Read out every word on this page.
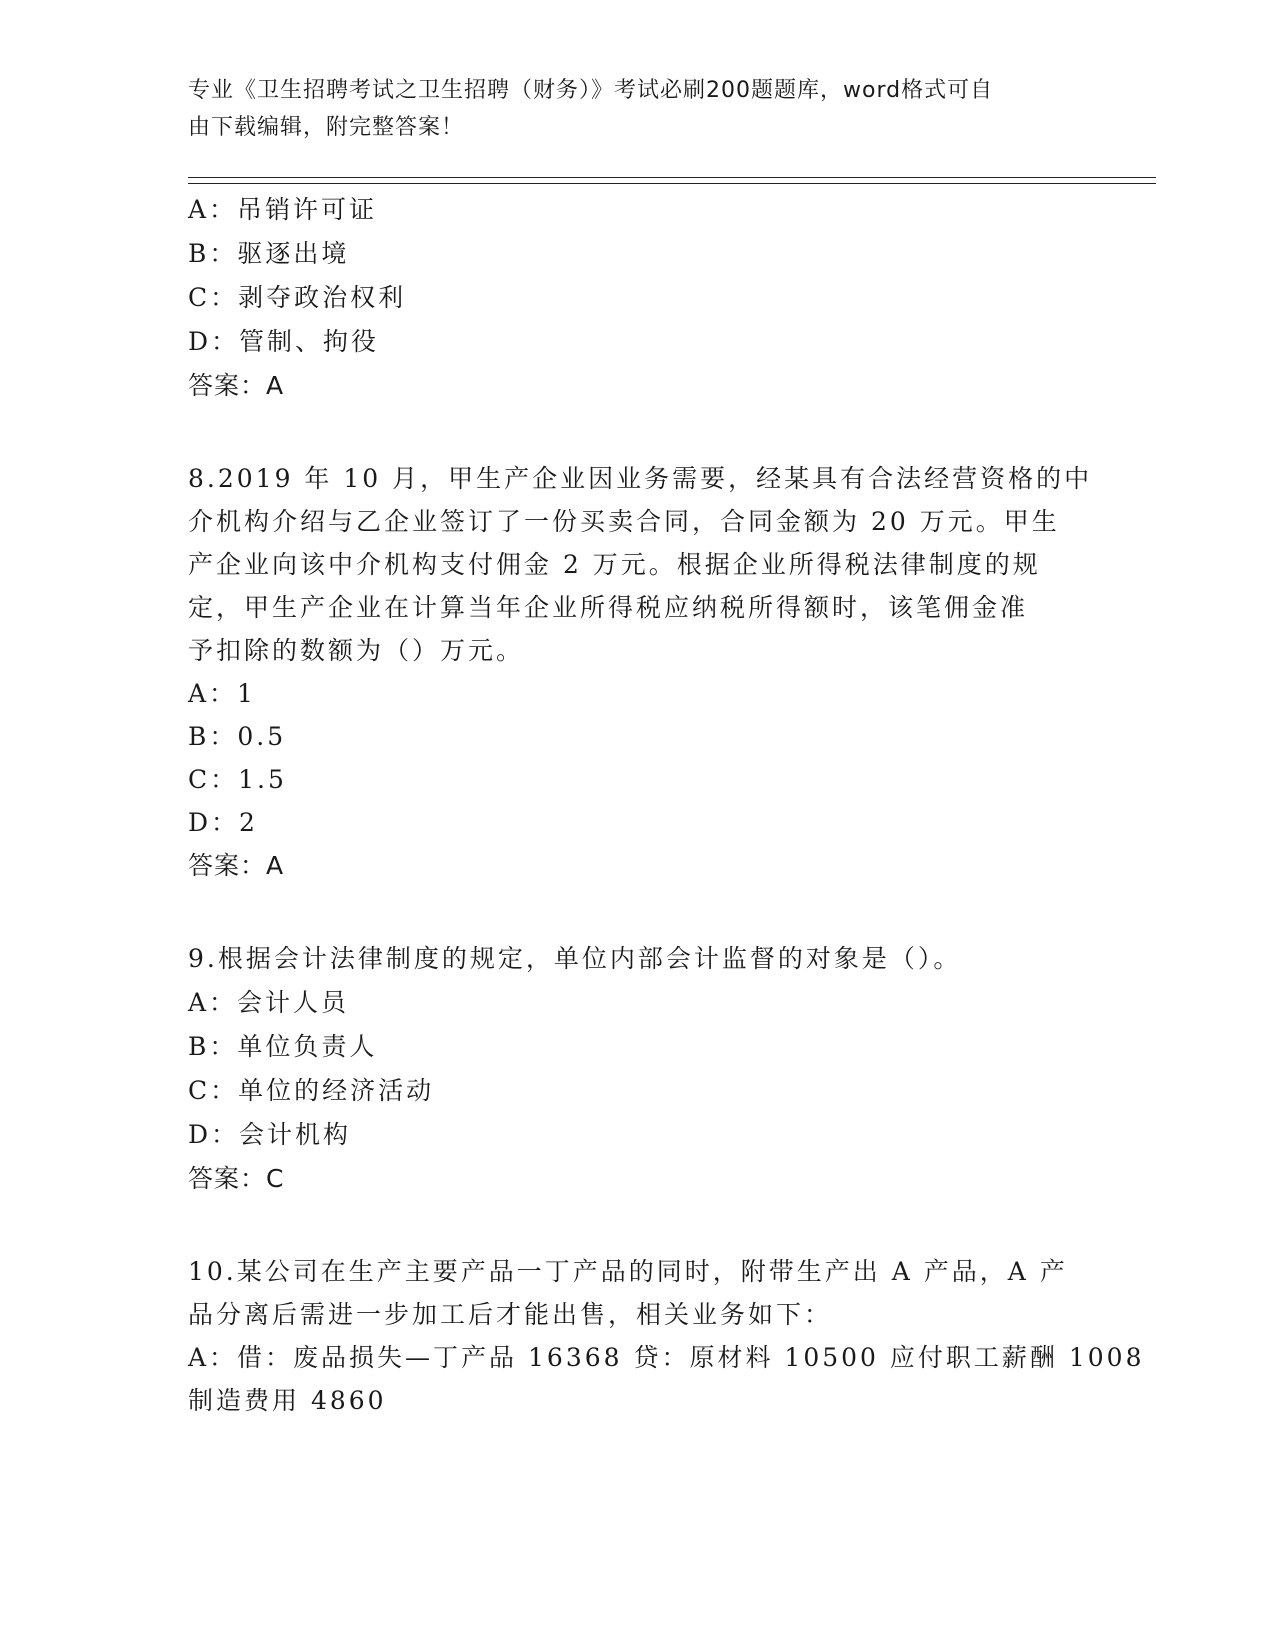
专业《卫生招聘考试之卫生招聘（财务）》考试必刷200题题库，word格式可自
由下载编辑，附完整答案！
A：吊销许可证
B：驱逐出境
C：剥夺政治权利
D：管制、拘役
答案：A
8.2019 年 10 月，甲生产企业因业务需要，经某具有合法经营资格的中
介机构介绍与乙企业签订了一份买卖合同，合同金额为 20 万元。甲生
产企业向该中介机构支付佣金 2 万元。根据企业所得税法律制度的规
定，甲生产企业在计算当年企业所得税应纳税所得额时，该笔佣金准
予扣除的数额为（）万元。
A：1
B：0.5
C：1.5
D：2
答案：A
9.根据会计法律制度的规定，单位内部会计监督的对象是（）。
A：会计人员
B：单位负责人
C：单位的经济活动
D：会计机构
答案：C
10.某公司在生产主要产品一丁产品的同时，附带生产出 A 产品，A 产
品分离后需进一步加工后才能出售，相关业务如下：
A：借：废品损失—丁产品 16368 贷：原材料 10500 应付职工薪酬 1008
制造费用 4860
